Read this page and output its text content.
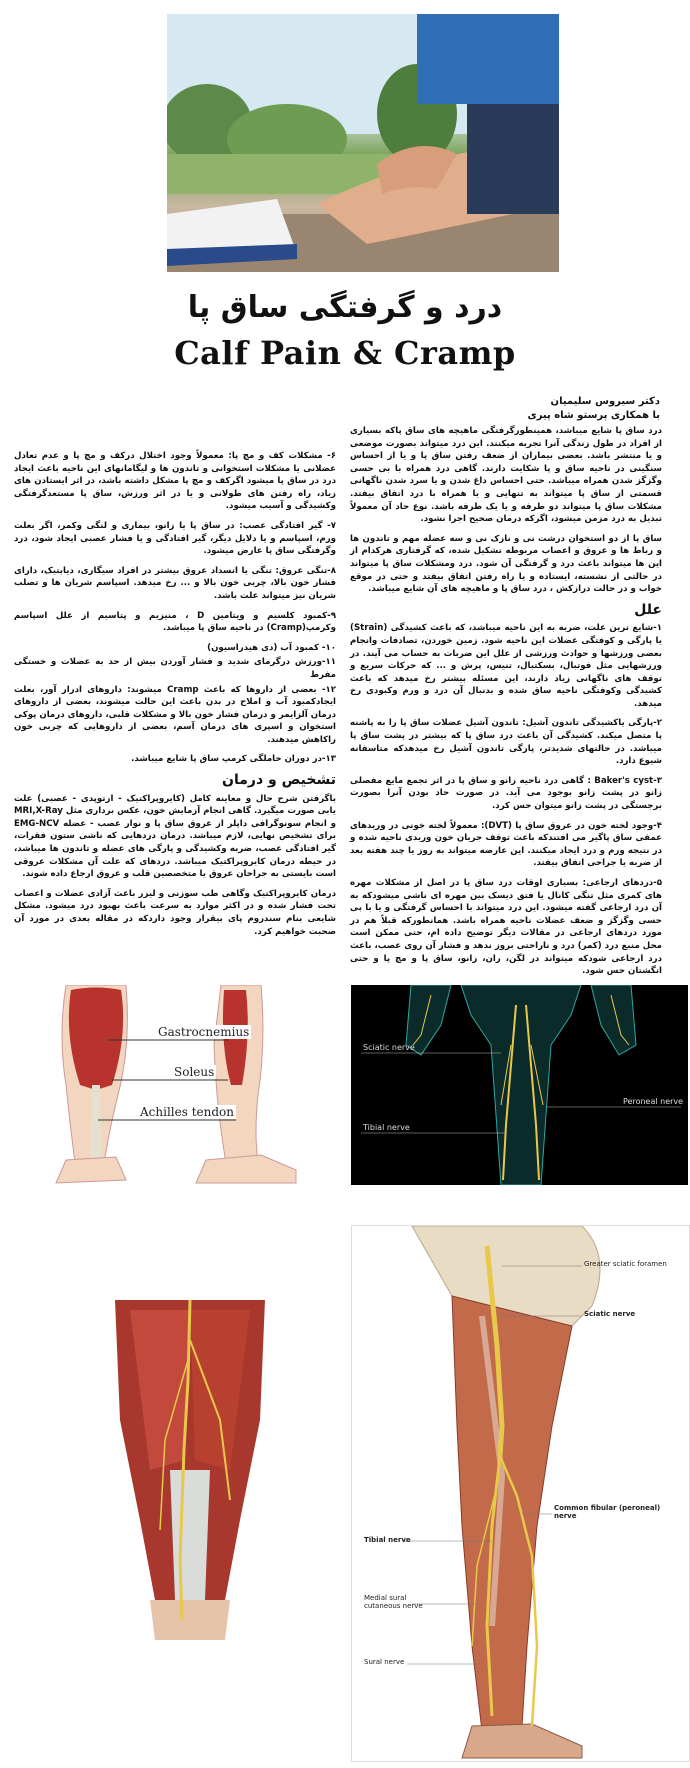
درد و گرفتگی ساق پا
Calf Pain & Cramp
دکتر سیروس سلیمیان
با همکاری پرستو شاه پیری

درد ساق پا شایع میباشد، همینطورگرفتگی ماهیچه های ساق پاکه بسیاری از افراد در طول زندگی آنرا تجربه میکنند. این درد میتواند بصورت موضعی و یا منتشر باشد. بعضی بیماران از ضعف رفتن ساق پا و یا از احساس سنگینی در ناحیه ساق و پا شکایت دارند. گاهی درد همراه با بی حسی وگزگز شدن همراه میباشد. حتی احساس داغ شدن و یا سرد شدن ناگهانی قسمتی از ساق پا میتواند به تنهایی و یا همراه با درد اتفاق بیفتد. مشکلات ساق پا میتواند دو طرفه و یا یک طرفه باشد. نوع حاد آن معمولاً تبدیل به درد مزمن میشود، اگرکه درمان صحیح اجرا نشود.

ساق پا از دو استخوان درشت نی و نازک نی و سه عضله مهم و تاندون ها و رباط ها و عروق و اعصاب مربوطه تشکیل شده، که گرفتاری هرکدام از این ها میتواند باعث درد و گرفتگی آن شود. درد ومشکلات ساق پا میتواند در حالتی از نشسته، ایستاده و یا راه رفتن اتفاق بیفتد و حتی در موقع خواب و در حالت درازکش ، درد ساق پا و ماهیچه های آن شایع میباشد.

علل

۱-شایع ترین علت، ضربه به این ناحیه میباشد، که باعث کشیدگی (Strain) یا پارگی و کوفتگی عضلات این ناحیه شود. زمین خوردن، تصادفات وانجام بعضی ورزشها و حوادث ورزشی از علل این ضربات به حساب می آیند. در ورزشهایی مثل فوتبال، بسکتبال، تنیس، پرش و ... که حرکات سریع و توقف های ناگهانی زیاد دارند، این مسئله بیشتر رخ میدهد که باعث کشیدگی وکوفتگی ناحیه ساق شده و بدنبال آن درد و ورم وکبودی رخ میدهد.

۲-پارگی یاکشیدگی تاندون آشیل: تاندون آشیل عضلات ساق پا را به پاشنه پا متصل میکند. کشیدگی آن باعث درد ساق پا که بیشتر در پشت ساق پا میباشد. در حالتهای شدیدتر، پارگی تاندون آشیل رخ میدهدکه متاسفانه شیوع دارد.

۳-Baker's cyst : گاهی درد ناحیه زانو و ساق پا در اثر تجمع مایع مفصلی زانو در پشت زانو بوجود می آید. در صورت حاد بودن آنرا بصورت برجستگی در پشت زانو میتوان حس کرد.

۴-وجود لخته خون در عروق ساق پا (DVT): معمولاً لخته خونی در وریدهای عمقی ساق پاگیر می افتندکه باعث توقف جریان خون وریدی ناحیه شده و در نتیجه ورم و درد ایجاد میکنند. این عارضه میتواند به روز یا چند هفته بعد از ضربه یا جراحی اتفاق بیفتد.

۵-دردهای ارجاعی: بسیاری اوقات درد ساق پا در اصل از مشکلات مهره های کمری مثل تنگی کانال یا فتق دیسک بین مهره ای ناشی میشودکه به آن درد ارجاعی گفته میشود. این درد میتواند با احساس گرفتگی و یا با بی حسی وگزگز و ضعف عضلات ناحیه همراه باشد. همانطورکه قبلاً هم در مورد دردهای ارجاعی در مقالات دیگر توضیح داده ام، حتی ممکن است محل منبع درد (کمر) درد و ناراحتی بروز ندهد و فشار آن روی عصب، باعث درد ارجاعی شودکه میتواند در لگن، ران، زانو، ساق پا و مچ پا و حتی انگشتان حس شود.

۶- مشکلات کف و مچ پا: معمولاً وجود اختلال درکف و مچ پا و عدم تعادل عضلانی یا مشکلات استخوانی و تاندون ها و لیگامانهای این ناحیه باعث ایجاد درد در ساق پا میشود اگرکف و مچ پا مشکل داشته باشد، در اثر ایستادن های زیاد، راه رفتن های طولانی و یا در اثر ورزش، ساق پا مستعدگرفتگی وکشیدگی و آسیب میشود.

۷- گیر افتادگی عصب: در ساق پا یا زانو، بیماری و لنگی وکمر، اگر بعلت ورم، اسپاسم و یا دلایل دیگر، گیر افتادگی و یا فشار عصبی ایجاد شود، درد وگرفتگی ساق پا عارض میشود.

۸-تنگی عروق: تنگی یا انسداد عروق بیشتر در افراد سیگاری، دیابتیک، دارای فشار خون بالا، چربی خون بالا و ... رخ میدهد. اسپاسم شریان ها و تصلب شریان نیز میتواند علت باشد.

۹-کمبود کلسیم و ویتامین D ، منیزیم و پتاسیم از علل اسپاسم وکرمپ(Cramp) در ناحیه ساق پا میباشد.

۱۰- کمبود آب (دی هیدراسیون)

۱۱-ورزش درگرمای شدید و فشار آوردن بیش از حد به عضلات و خستگی مفرط

۱۲- بعضی از داروها که باعث Cramp میشوند: داروهای ادرار آور، بعلت ایجادکمبود آب و املاح در بدن باعث این حالت میشوند، بعضی از داروهای درمان آلزایمر و درمان فشار خون بالا و مشکلات قلبی، داروهای درمان پوکی استخوان و اسپری های درمان آسم، بعضی از داروهایی که چربی خون راکاهش میدهند.

۱۳-در دوران حاملگی کرمپ ساق پا شایع میباشد.

تشخیص و درمان

باگرفتن شرح حال و معاینه کامل (کایروپراکتیک - ارتوپدی - عصبی) علت یابی صورت میگیرد. گاهی انجام آزمایش خون، عکس برداری مثل MRI,X-Ray و انجام سونوگرافی داپلر از عروق ساق پا و نوار عصب - عضله EMG-NCV برای تشخیص نهایی، لازم میباشد. درمان دردهایی که ناشی ستون فقرات، گیر افتادگی عصب، ضربه وکشیدگی و پارگی های عضله و تاندون ها میباشد، در حیطه درمان کایروپراکتیک میباشد. دردهای که علت آن مشکلات عروقی است بایستی به جراحان عروق یا متخصصین قلب و عروق ارجاع داده شوند.

درمان کایروپراکتیک وگاهی طب سوزنی و لیزر باعث آزادی عضلات و اعصاب تحت فشار شده و در اکثر موارد به سرعت باعث بهبود درد میشود. مشکل شایعی بنام سندروم پای بیقرار وجود داردکه در مقاله بعدی در مورد آن صحبت خواهیم کرد.

Gastrocnemius
Soleus
Achilles tendon
Sciatic nerve
Peroneal nerve
Tibial nerve
Greater sciatic foramen
Sciatic nerve
Common fibular (peroneal) nerve
Tibial nerve
Medial sural cutaneous nerve
Sural nerve
